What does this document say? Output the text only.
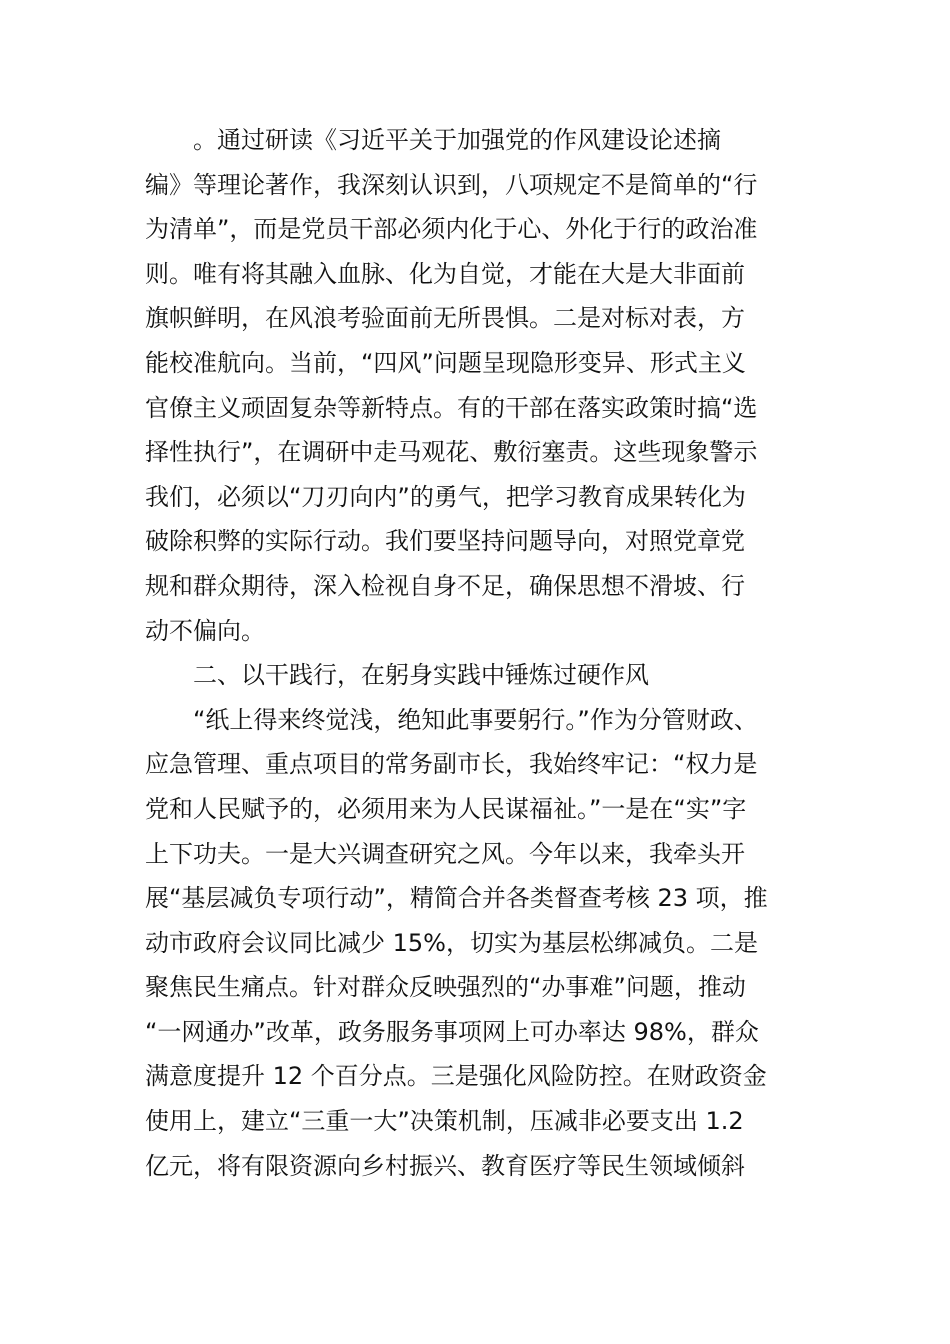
。通过研读《习近平关于加强党的作风建设论述摘
编》等理论著作，我深刻认识到，八项规定不是简单的“行
为清单”，而是党员干部必须内化于心、外化于行的政治准
则。唯有将其融入血脉、化为自觉，才能在大是大非面前
旗帜鲜明，在风浪考验面前无所畏惧。二是对标对表，方
能校准航向。当前，“四风”问题呈现隐形变异、形式主义
官僚主义顽固复杂等新特点。有的干部在落实政策时搞“选
择性执行”，在调研中走马观花、敷衍塞责。这些现象警示
我们，必须以“刀刃向内”的勇气，把学习教育成果转化为
破除积弊的实际行动。我们要坚持问题导向，对照党章党
规和群众期待，深入检视自身不足，确保思想不滑坡、行
动不偏向。
二、以干践行，在躬身实践中锤炼过硬作风
“纸上得来终觉浅，绝知此事要躬行。”作为分管财政、
应急管理、重点项目的常务副市长，我始终牢记：“权力是
党和人民赋予的，必须用来为人民谋福祉。”一是在“实”字
上下功夫。一是大兴调查研究之风。今年以来，我牵头开
展“基层减负专项行动”，精简合并各类督查考核 23 项，推
动市政府会议同比减少 15%，切实为基层松绑减负。二是
聚焦民生痛点。针对群众反映强烈的“办事难”问题，推动
“一网通办”改革，政务服务事项网上可办率达 98%，群众
满意度提升 12 个百分点。三是强化风险防控。在财政资金
使用上，建立“三重一大”决策机制，压减非必要支出 1.2
亿元，将有限资源向乡村振兴、教育医疗等民生领域倾斜
